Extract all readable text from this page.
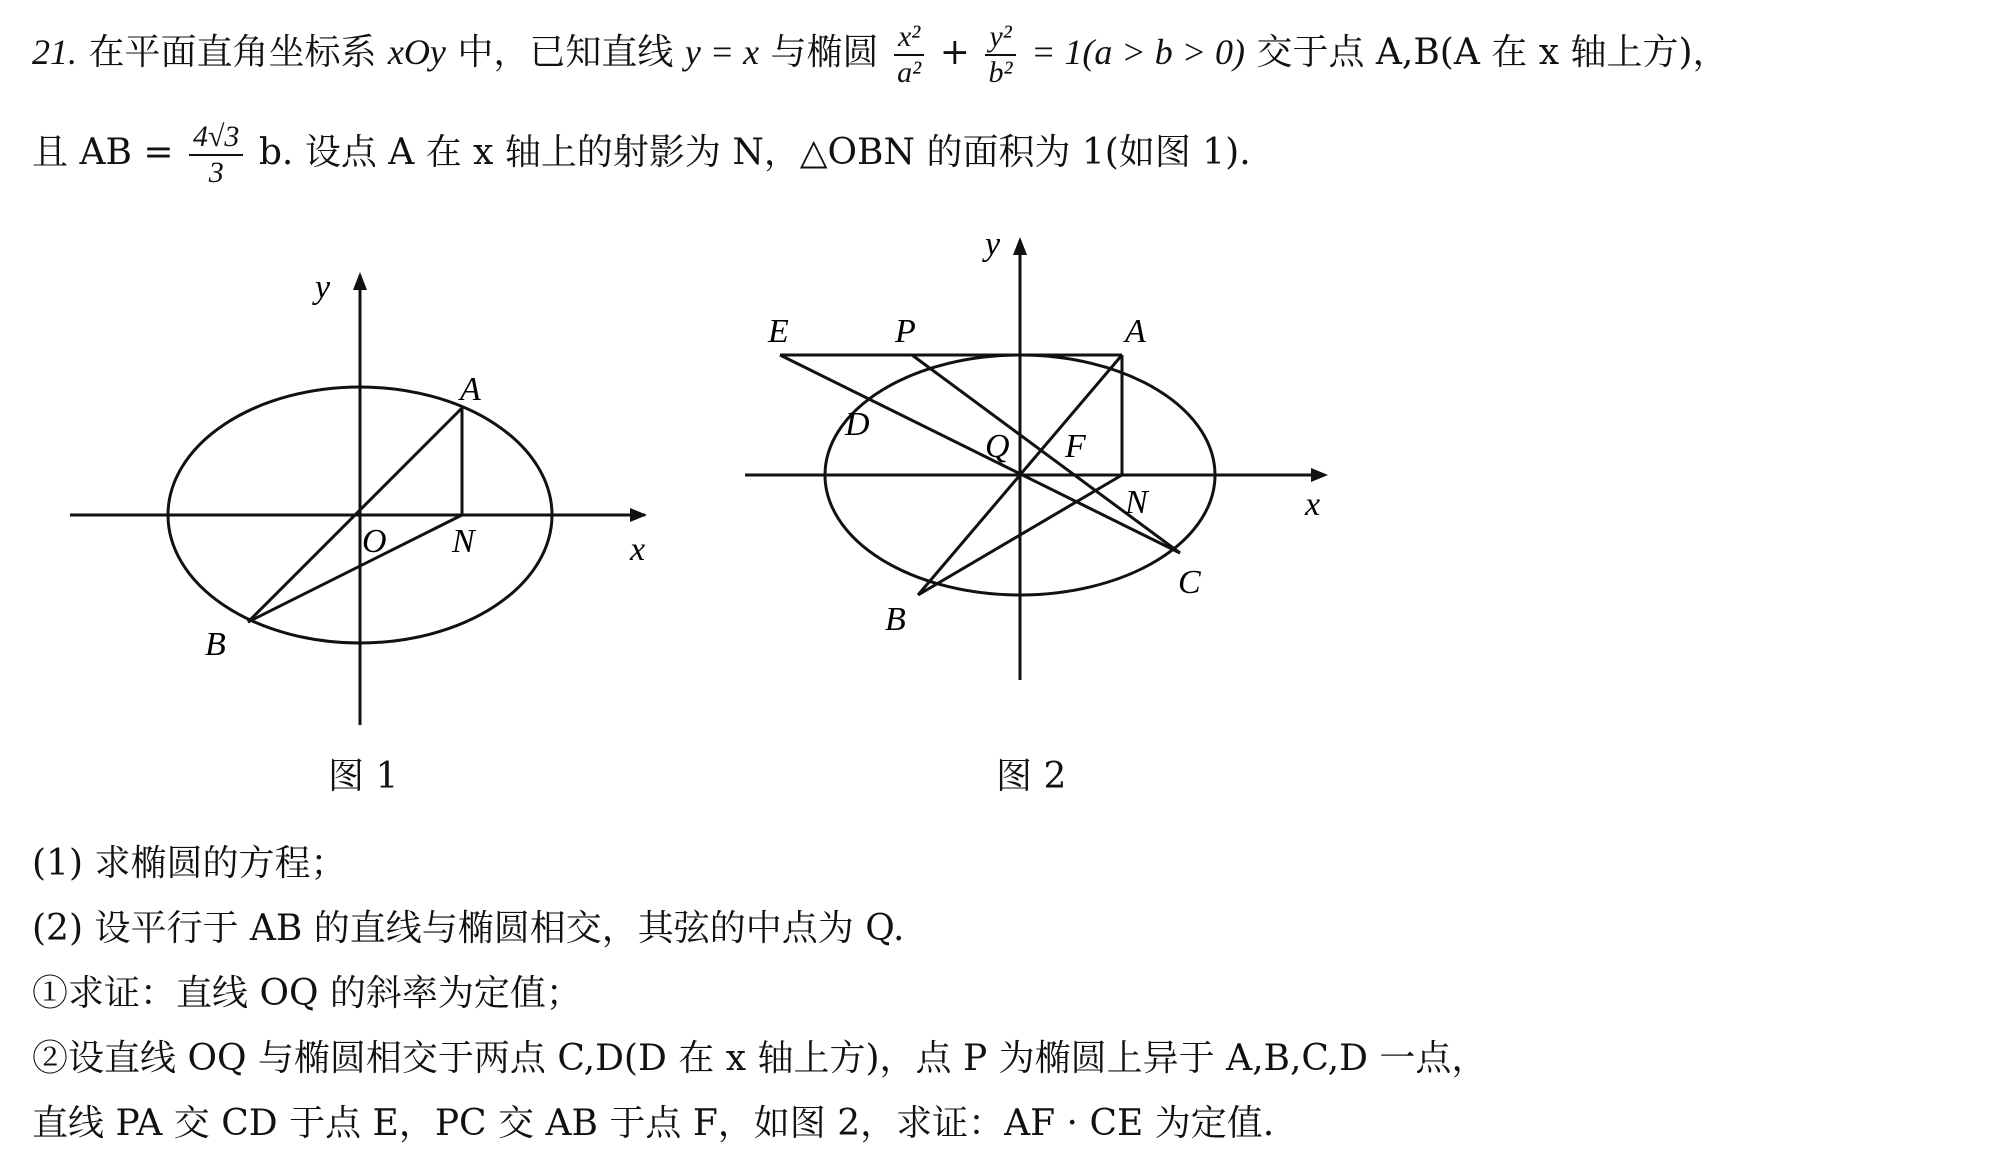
21. 在平面直角坐标系 xOy 中，已知直线 y = x 与椭圆 $\frac{\text{x²}}{\text{a²}} + \frac{\text{y²}}{\text{b²}} = 1(a > b > 0)$ 交于点 A,B(A 在 x 轴上方)，
且 AB = $\frac{4√3}{3} b$. 设点 A 在 x 轴上的射影为 N，△OBN 的面积为 1(如图 1).
y
x
A
O N
B
图 1
y
x
E	P	A
D
Q F
N
C
B
图 2
(1) 求椭圆的方程；
(2) 设平行于 AB 的直线与椭圆相交，其弦的中点为 Q.
①求证：直线 OQ 的斜率为定值；
②设直线 OQ 与椭圆相交于两点 C,D(D 在 x 轴上方)，点 P 为椭圆上异于 A,B,C,D 一点，
直线 PA 交 CD 于点 E，PC 交 AB 于点 F，如图 2，求证：AF · CE 为定值.
